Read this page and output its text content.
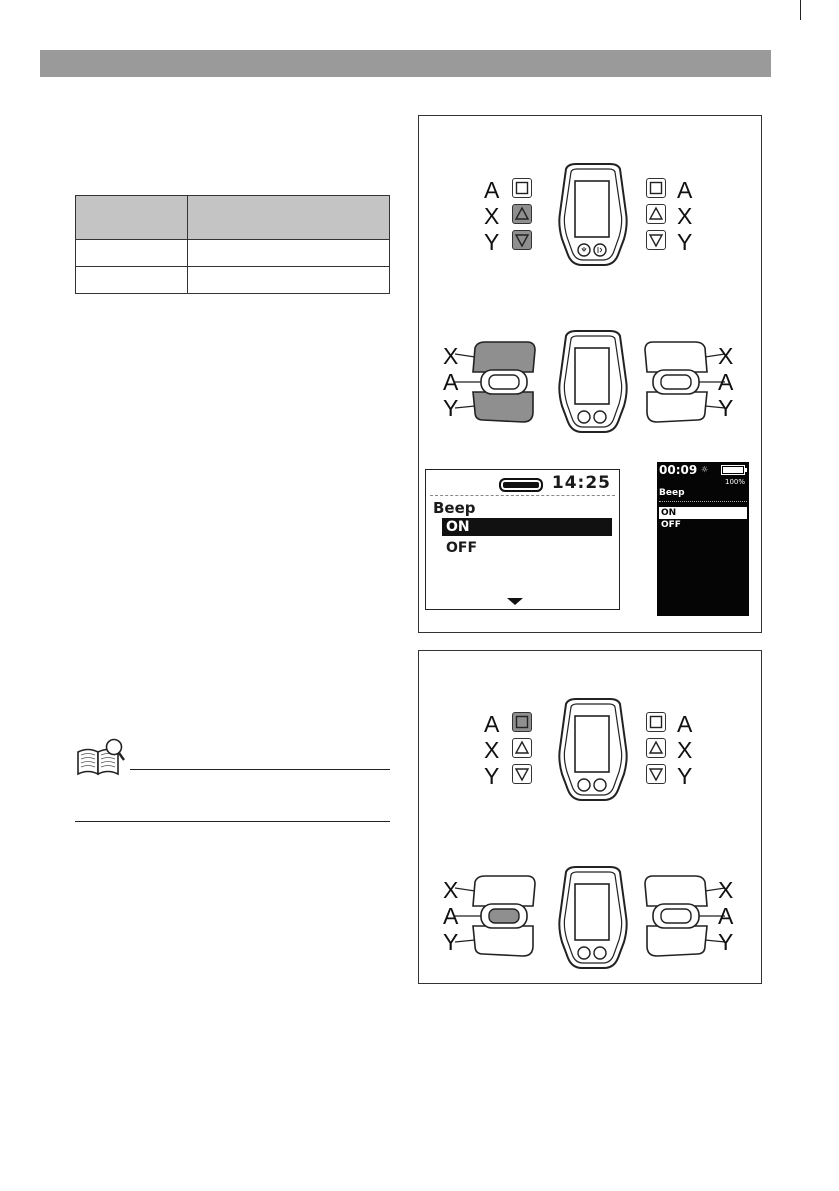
A
X
Y
A
X
Y
X
A
Y
X
A
Y
14:25
Beep
ON
OFF
00:09 ☼
100%
Beep
ON
OFF
A
X
Y
A
X
Y
X
A
Y
X
A
Y
